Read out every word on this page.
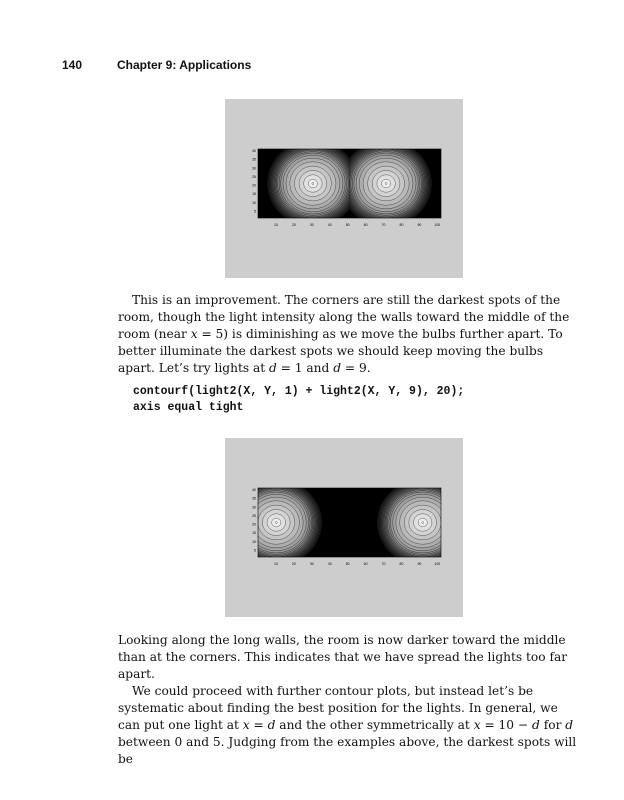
140	Chapter 9: Applications
10	20	30	40	50	60	70	80	90	100
40
35
30
25
20
15
10
5

This is an improvement. The corners are still the darkest spots of the room, though the light intensity along the walls toward the middle of the room (near x = 5) is diminishing as we move the bulbs further apart. To better illuminate the darkest spots we should keep moving the bulbs apart. Let’s try lights at d = 1 and d = 9.

contourf(light2(X, Y, 1) + light2(X, Y, 9), 20);
axis equal tight
10	20	30	40	50	60	70	80	90	100
40
35
30
25
20
15
10
5

Looking along the long walls, the room is now darker toward the middle than at the corners. This indicates that we have spread the lights too far apart.

We could proceed with further contour plots, but instead let’s be systematic about finding the best position for the lights. In general, we can put one light at x = d and the other symmetrically at x = 10 − d for d between 0 and 5. Judging from the examples above, the darkest spots will be
